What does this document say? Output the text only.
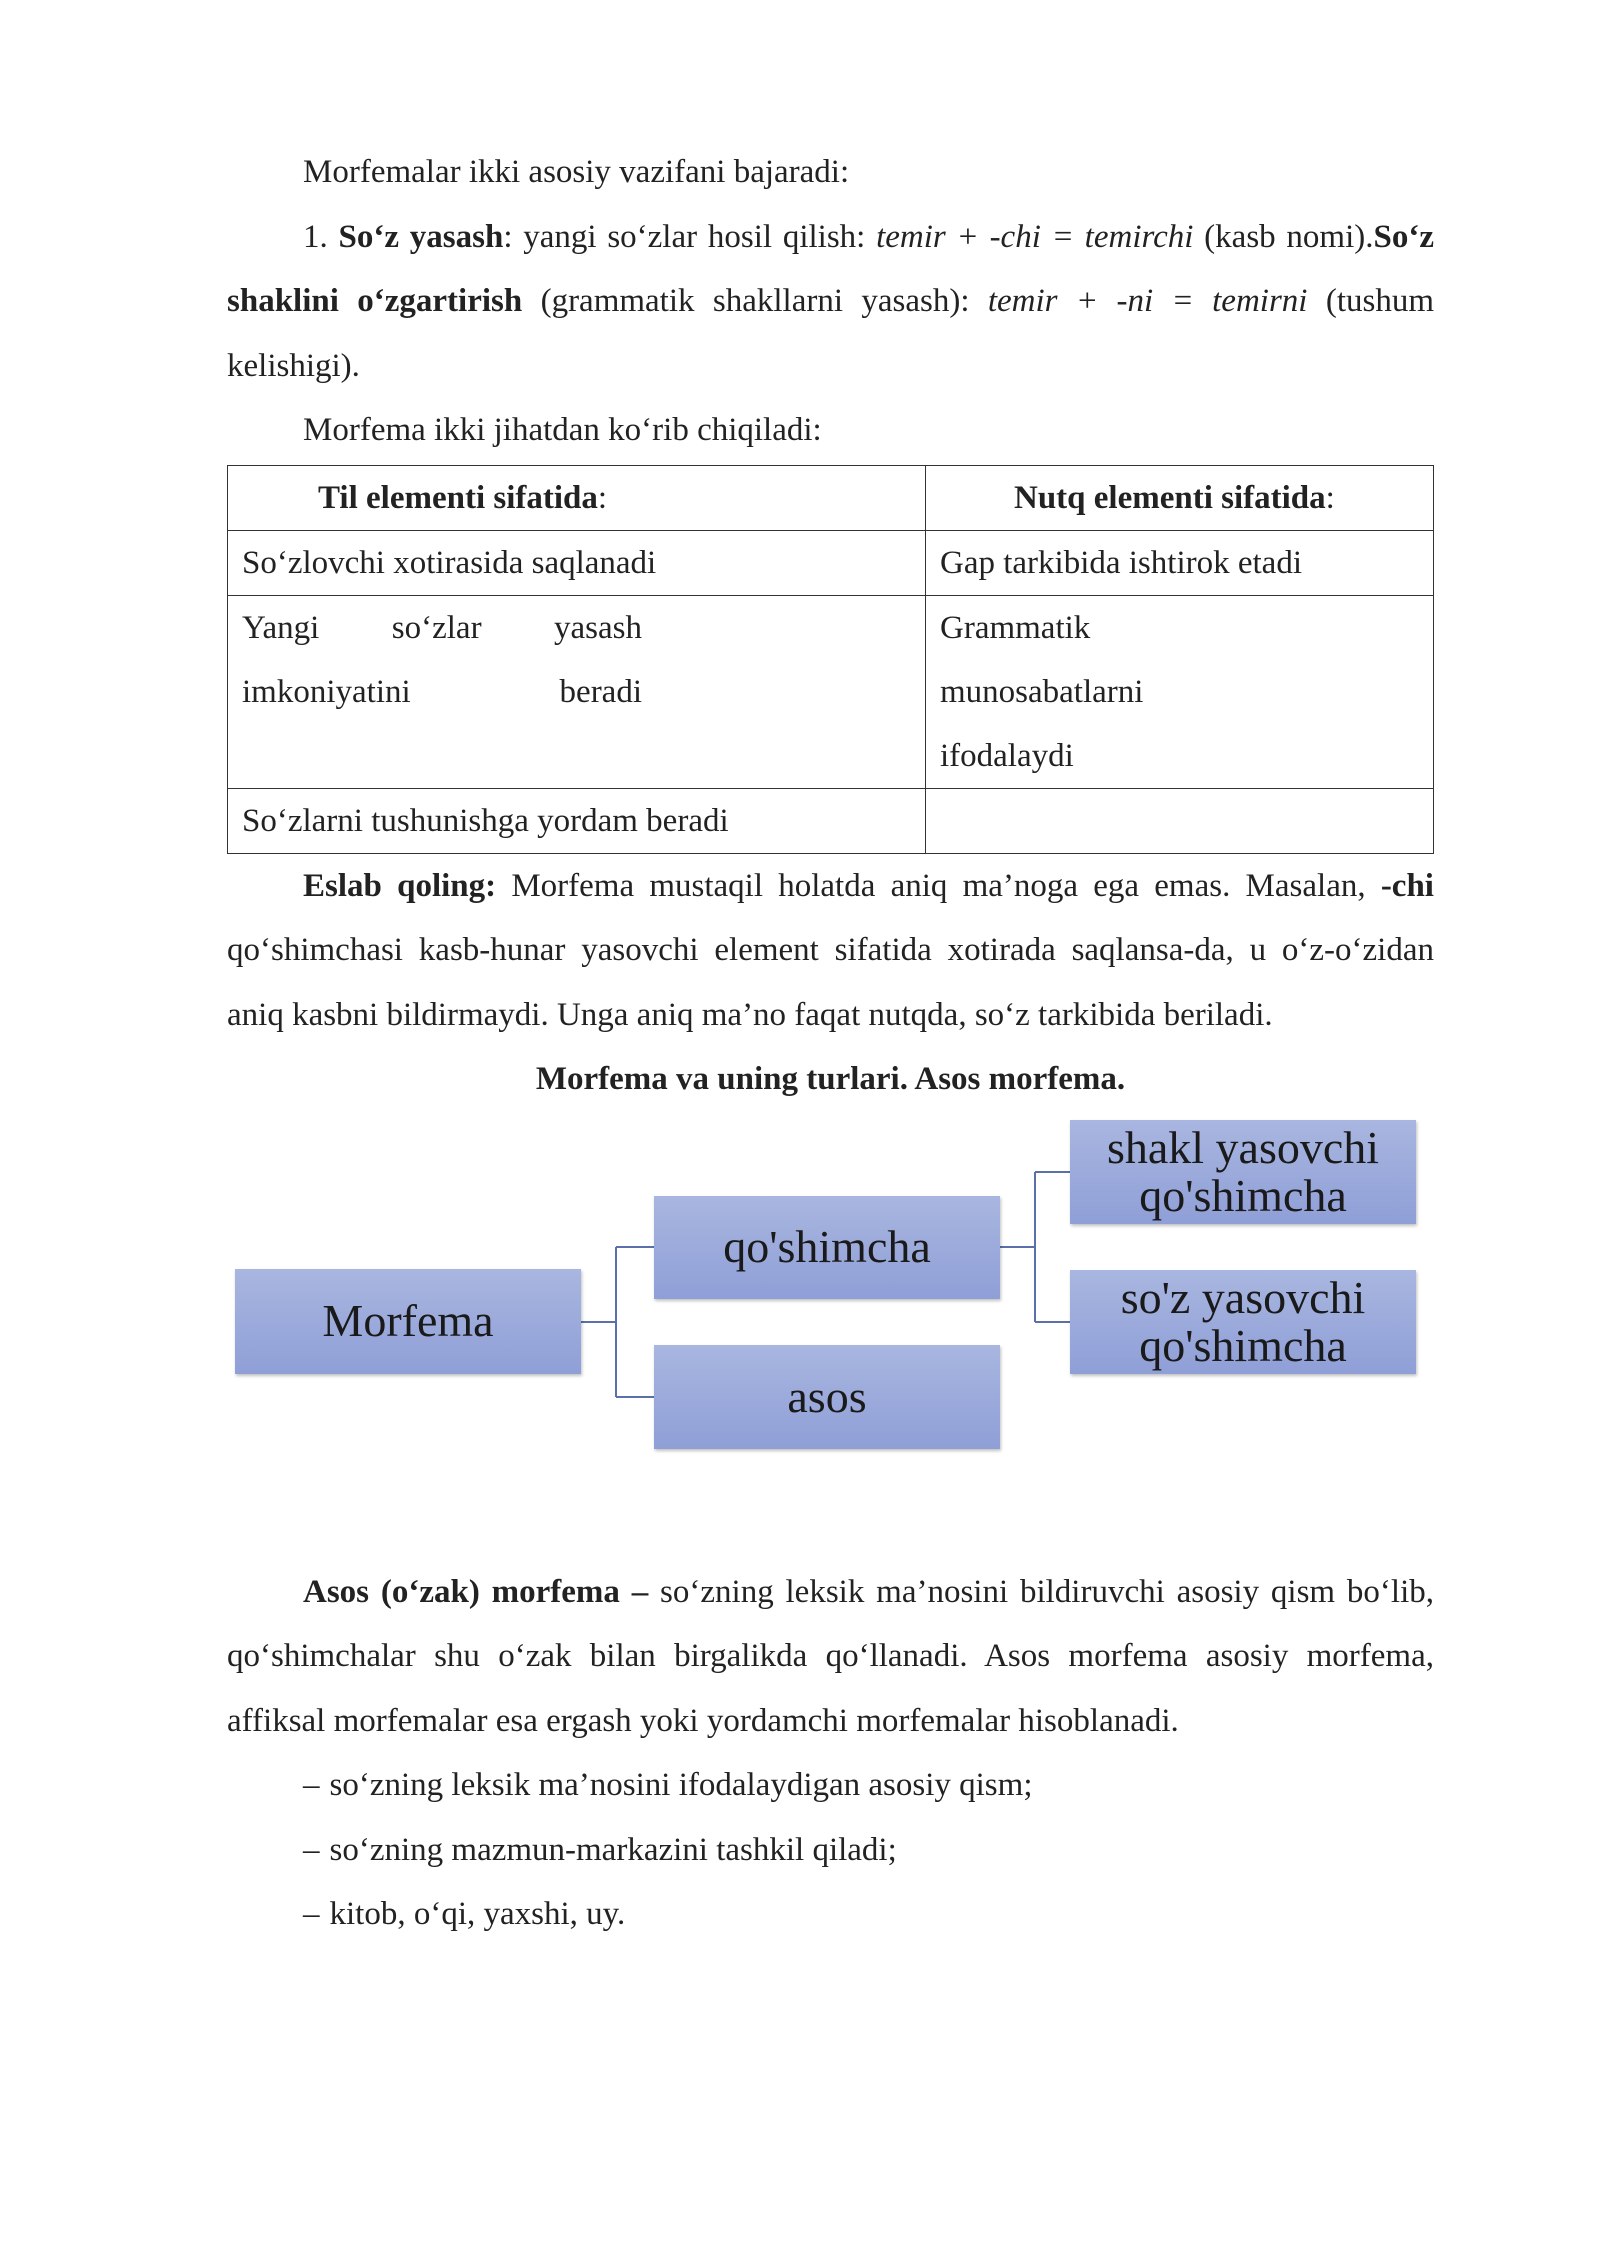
Morfemalar ikki asosiy vazifani bajaradi:

1. So‘z yasash: yangi so‘zlar hosil qilish: temir + -chi = temirchi (kasb nomi).So‘z shaklini o‘zgartirish (grammatik shakllarni yasash): temir + -ni = temirni (tushum kelishigi).

Morfema ikki jihatdan ko‘rib chiqiladi:

Til elementi sifatida:	Nutq elementi sifatida:
So‘zlovchi xotirasida saqlanadi	Gap tarkibida ishtirok etadi

Yangi so‘zlar yasash imkoniyatini beradi	Grammatik munosabatlarni ifodalaydi

So‘zlarni tushunishga yordam beradi	

Eslab qoling: Morfema mustaqil holatda aniq ma’noga ega emas. Masalan, -chi qo‘shimchasi kasb-hunar yasovchi element sifatida xotirada saqlansa-da, u o‘z-o‘zidan aniq kasbni bildirmaydi. Unga aniq ma’no faqat nutqda, so‘z tarkibida beriladi.

Morfema va uning turlari. Asos morfema.

Morfema
qo'shimcha
asos
shakl yasovchi
qo'shimcha
so'z yasovchi
qo'shimcha

Asos (o‘zak) morfema – so‘zning leksik ma’nosini bildiruvchi asosiy qism bo‘lib, qo‘shimchalar shu o‘zak bilan birgalikda qo‘llanadi. Asos morfema asosiy morfema, affiksal morfemalar esa ergash yoki yordamchi morfemalar hisoblanadi.

– so‘zning leksik ma’nosini ifodalaydigan asosiy qism;
– so‘zning mazmun-markazini tashkil qiladi;
– kitob, o‘qi, yaxshi, uy.
